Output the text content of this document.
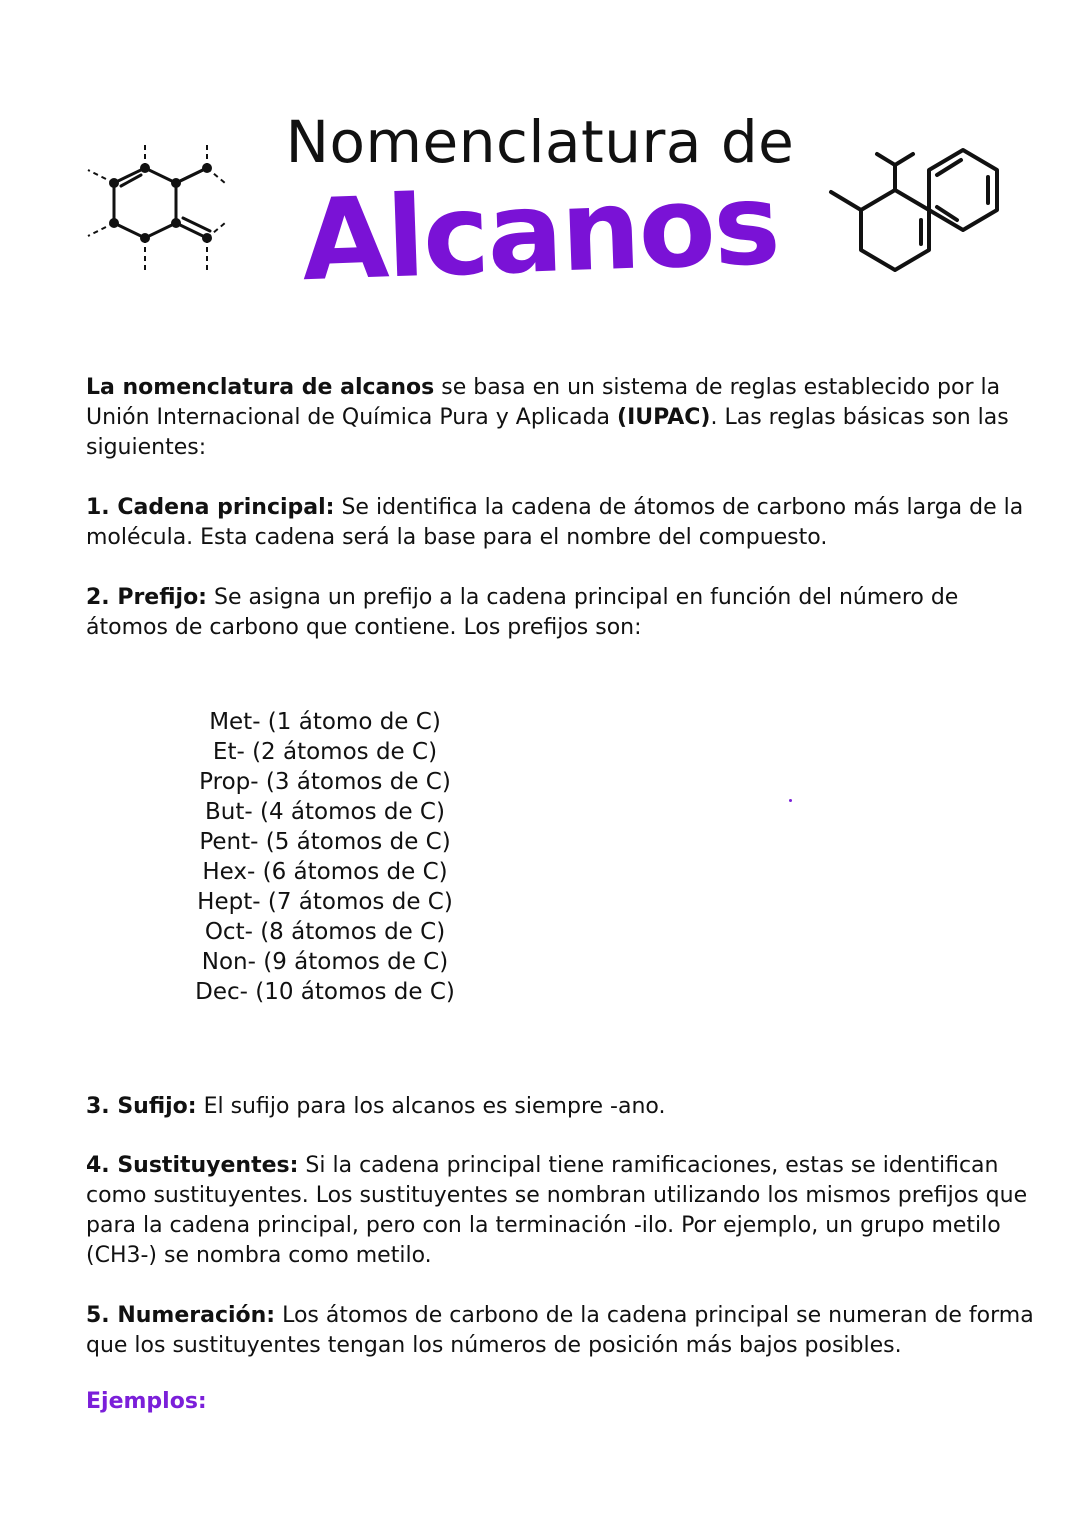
Nomenclatura de
Alcanos

La nomenclatura de alcanos se basa en un sistema de reglas establecido por la Unión Internacional de Química Pura y Aplicada (IUPAC). Las reglas básicas son las siguientes:

1. Cadena principal: Se identifica la cadena de átomos de carbono más larga de la molécula. Esta cadena será la base para el nombre del compuesto.

2. Prefijo: Se asigna un prefijo a la cadena principal en función del número de átomos de carbono que contiene. Los prefijos son:

Met- (1 átomo de C)
Et- (2 átomos de C)
Prop- (3 átomos de C)
But- (4 átomos de C)
Pent- (5 átomos de C)
Hex- (6 átomos de C)
Hept- (7 átomos de C)
Oct- (8 átomos de C)
Non- (9 átomos de C)
Dec- (10 átomos de C)

3. Sufijo: El sufijo para los alcanos es siempre -ano.

4. Sustituyentes: Si la cadena principal tiene ramificaciones, estas se identifican como sustituyentes. Los sustituyentes se nombran utilizando los mismos prefijos que para la cadena principal, pero con la terminación -ilo. Por ejemplo, un grupo metilo (CH3-) se nombra como metilo.

5. Numeración: Los átomos de carbono de la cadena principal se numeran de forma que los sustituyentes tengan los números de posición más bajos posibles.

Ejemplos:
